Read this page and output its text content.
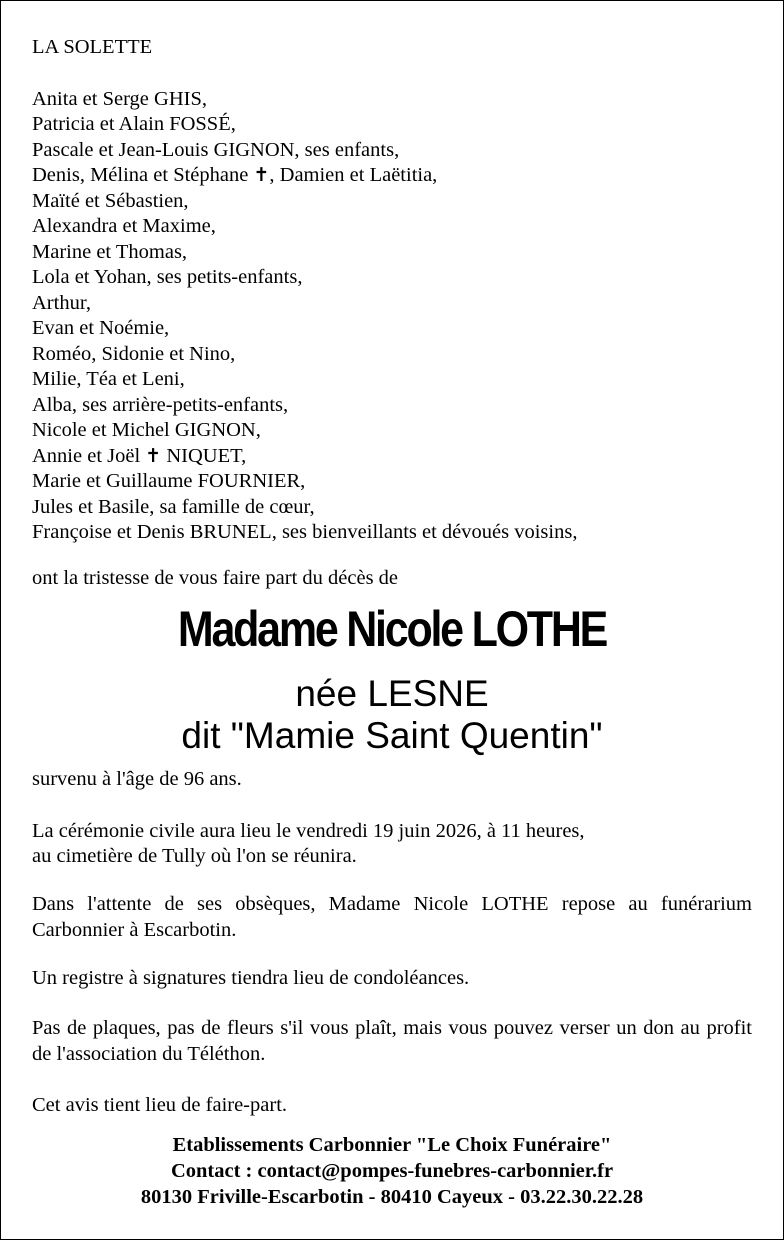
LA SOLETTE
Anita et Serge GHIS,
Patricia et Alain FOSSÉ,
Pascale et Jean-Louis GIGNON, ses enfants,
Denis, Mélina et Stéphane ✝, Damien et Laëtitia,
Maïté et Sébastien,
Alexandra et Maxime,
Marine et Thomas,
Lola et Yohan, ses petits-enfants,
Arthur,
Evan et Noémie,
Roméo, Sidonie et Nino,
Milie, Téa et Leni,
Alba, ses arrière-petits-enfants,
Nicole et Michel GIGNON,
Annie et Joël ✝ NIQUET,
Marie et Guillaume FOURNIER,
Jules et Basile, sa famille de cœur,
Françoise et Denis BRUNEL, ses bienveillants et dévoués voisins,
ont la tristesse de vous faire part du décès de
Madame Nicole LOTHE
née LESNE
dit "Mamie Saint Quentin"
survenu à l'âge de 96 ans.
La cérémonie civile aura lieu le vendredi 19 juin 2026, à 11 heures,
au cimetière de Tully où l'on se réunira.
Dans l'attente de ses obsèques, Madame Nicole LOTHE repose au funérarium Carbonnier à Escarbotin.
Un registre à signatures tiendra lieu de condoléances.
Pas de plaques, pas de fleurs s'il vous plaît, mais vous pouvez verser un don au profit de l'association du Téléthon.
Cet avis tient lieu de faire-part.
Etablissements Carbonnier "Le Choix Funéraire"
Contact : contact@pompes-funebres-carbonnier.fr
80130 Friville-Escarbotin - 80410 Cayeux - 03.22.30.22.28
